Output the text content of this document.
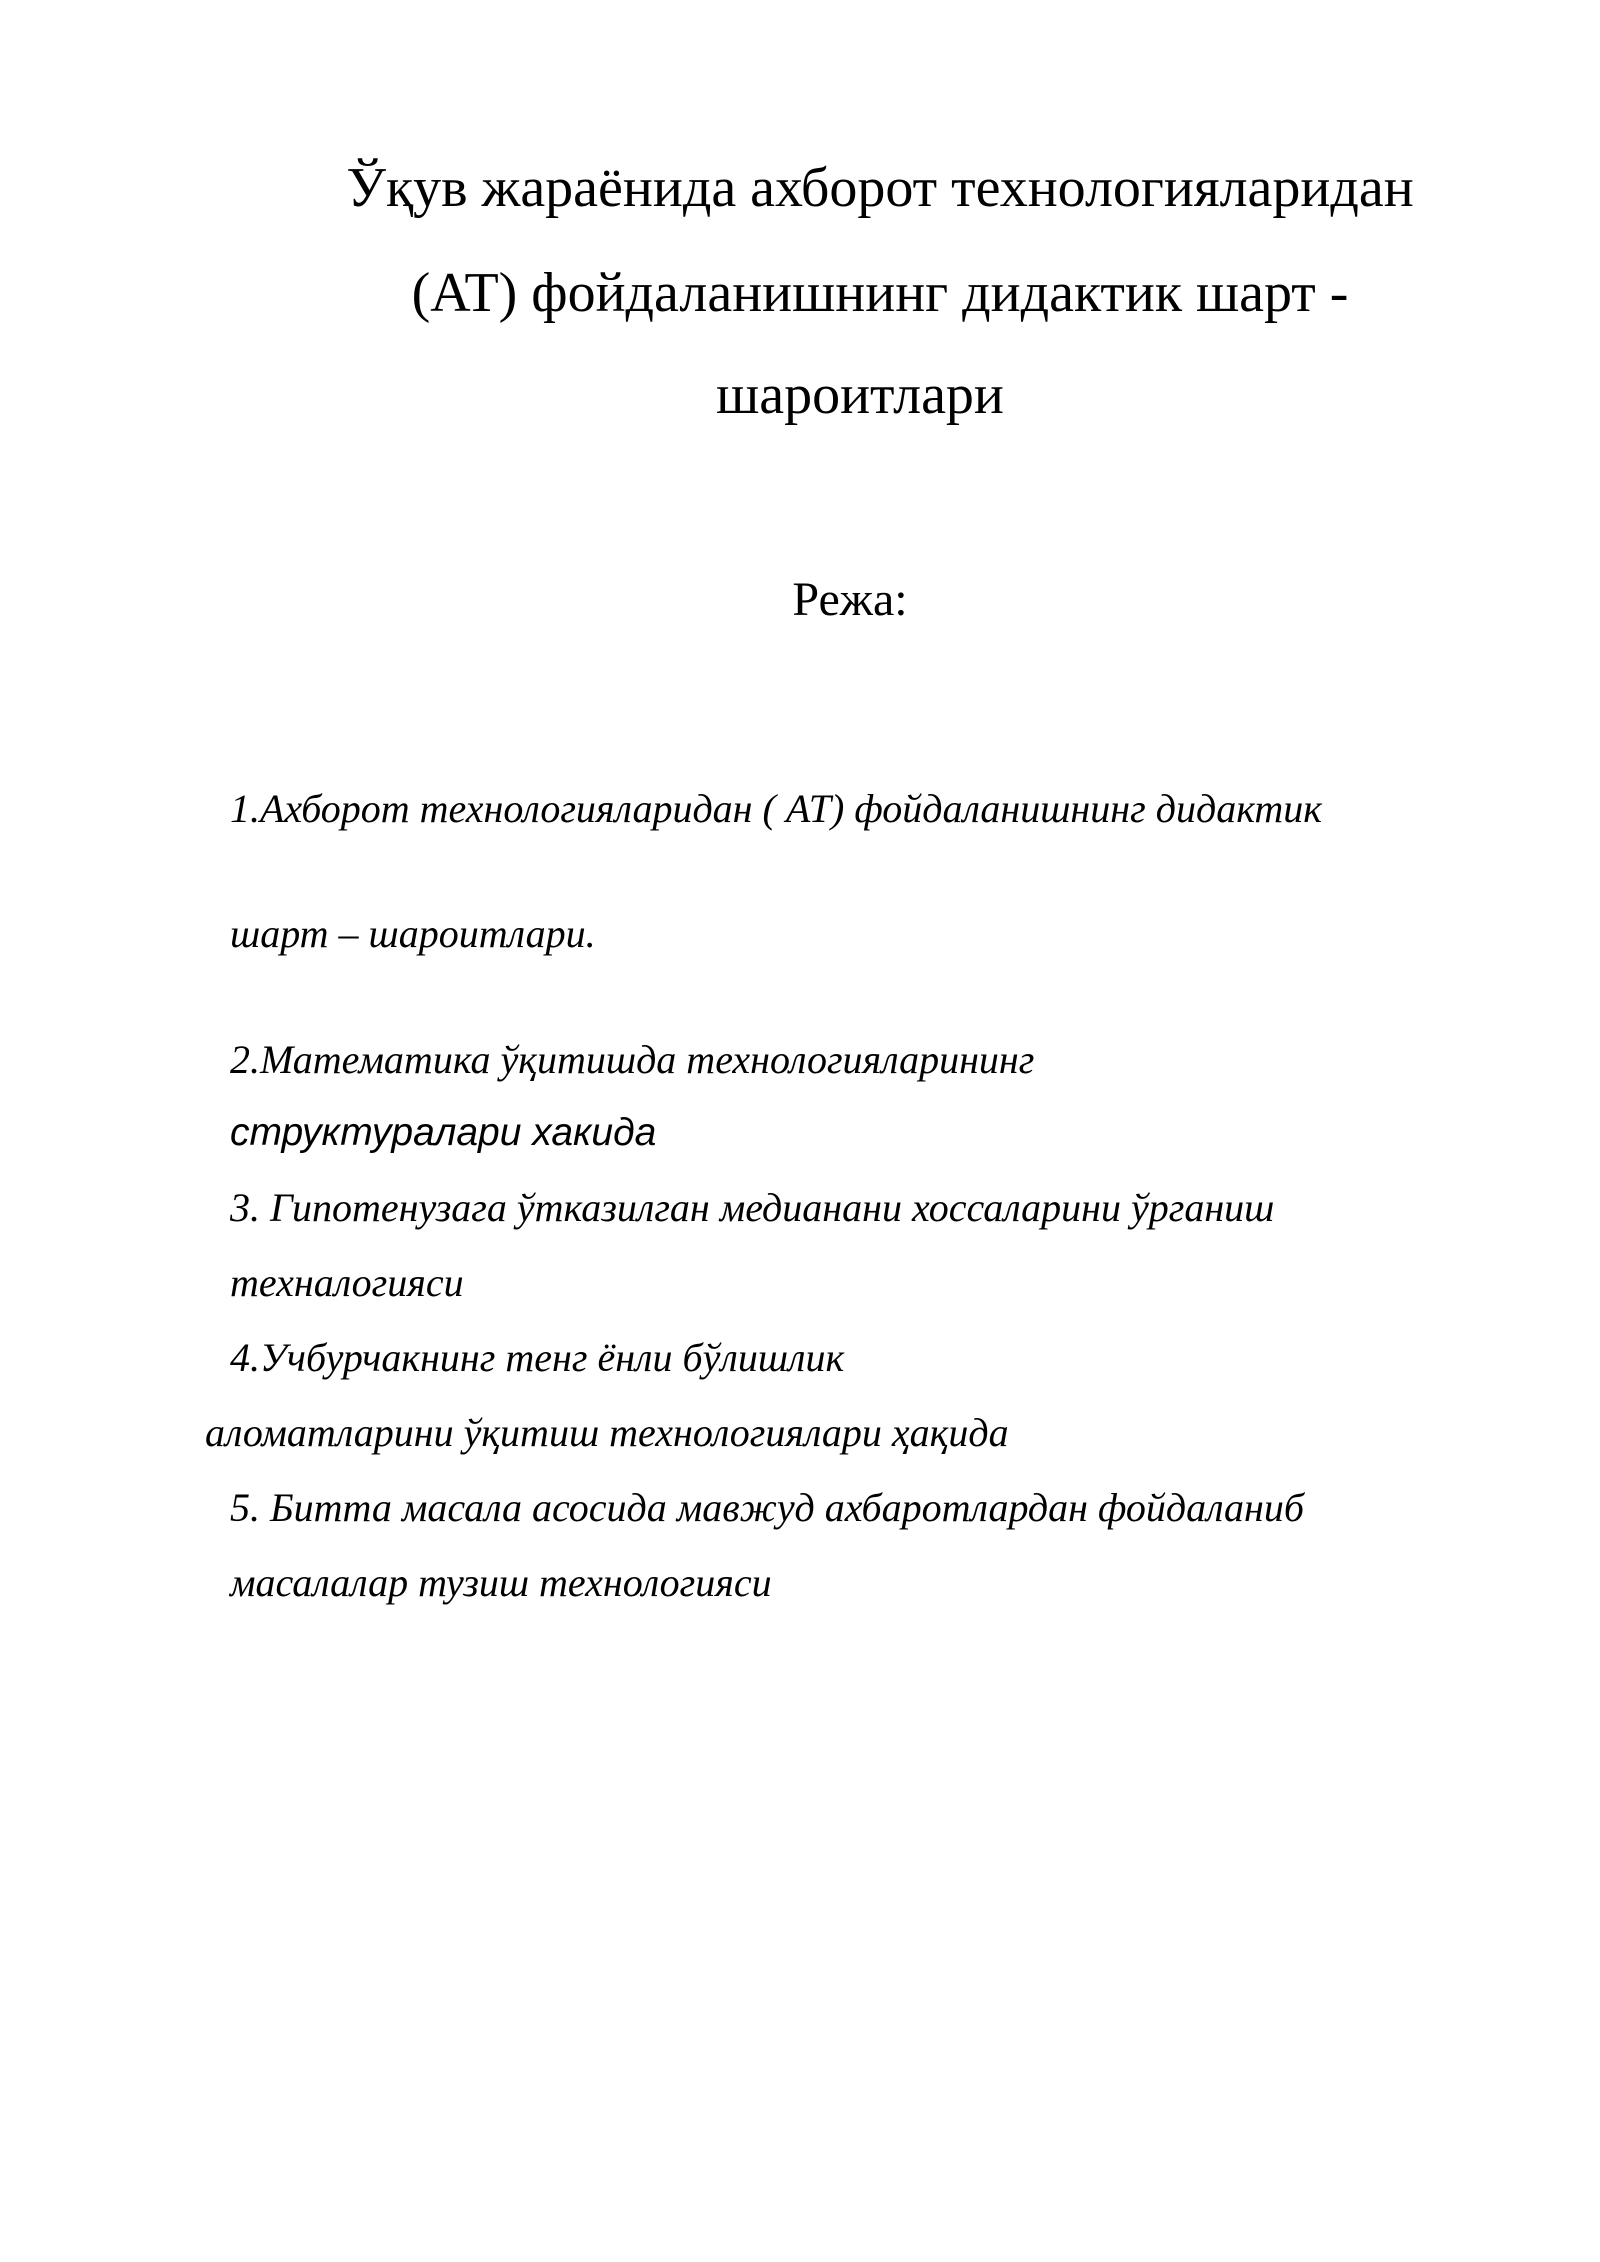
Ўқув жараёнида ахборот технологияларидан
(AT) фойдаланишнинг дидактик шарт -
шароитлари
Режа:
1.Ахборот технологияларидан ( AT) фойдаланишнинг дидактик
шарт – шароитлари.
2.Математика ўқитишда технологияларининг
структуралари хакида
3. Гипотенузага ўтказилган медианани хоссаларини ўрганиш
техналогияси
4.Учбурчакнинг тенг ёнли бўлишлик
аломатларини ўқитиш технологиялари ҳақида
5. Битта масала асосида мавжуд ахбаротлардан фойдаланиб
масалалар тузиш технологияси
